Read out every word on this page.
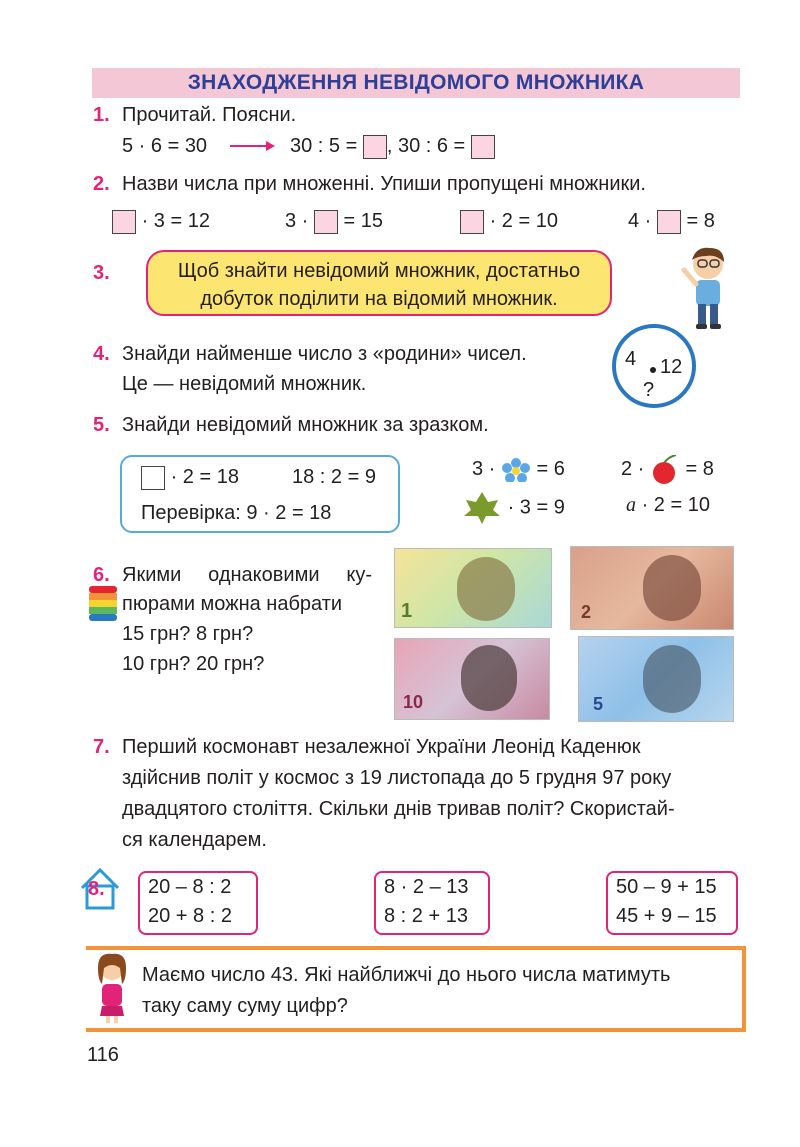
ЗНАХОДЖЕННЯ НЕВІДОМОГО МНОЖНИКА
1. Прочитай. Поясни.
5 · 6 = 30	30 : 5 = , 30 : 6 =
2. Назви числа при множенні. Упиши пропущені множники.
· 3 = 12	3 · = 15	· 2 = 10	4 · = 8
3.	Щоб знайти невідомий множник, достатньо
добуток поділити на відомий множник.
4. Знайди найменше число з «родини» чисел.
Це — невідомий множник.
4 12
?
5. Знайди невідомий множник за зразком.
· 2 = 18	18 : 2 = 9
Перевірка: 9 · 2 = 18
3 · = 6	2 · = 8
· 3 = 9	a · 2 = 10
6. Якими однаковими ку-
пюрами можна набрати
15 грн? 8 грн?
10 грн? 20 грн?
1	2
10	5
7. Перший космонавт незалежної України Леонід Каденюк
здійснив політ у космос з 19 листопада до 5 грудня 97 року
двадцятого століття. Скільки днів тривав політ? Скористай-
ся календарем.
8. 20 – 8 : 2
20 + 8 : 2
8 · 2 – 13
8 : 2 + 13
50 – 9 + 15
45 + 9 – 15
Маємо число 43. Які найближчі до нього числа матимуть
таку саму суму цифр?
116
